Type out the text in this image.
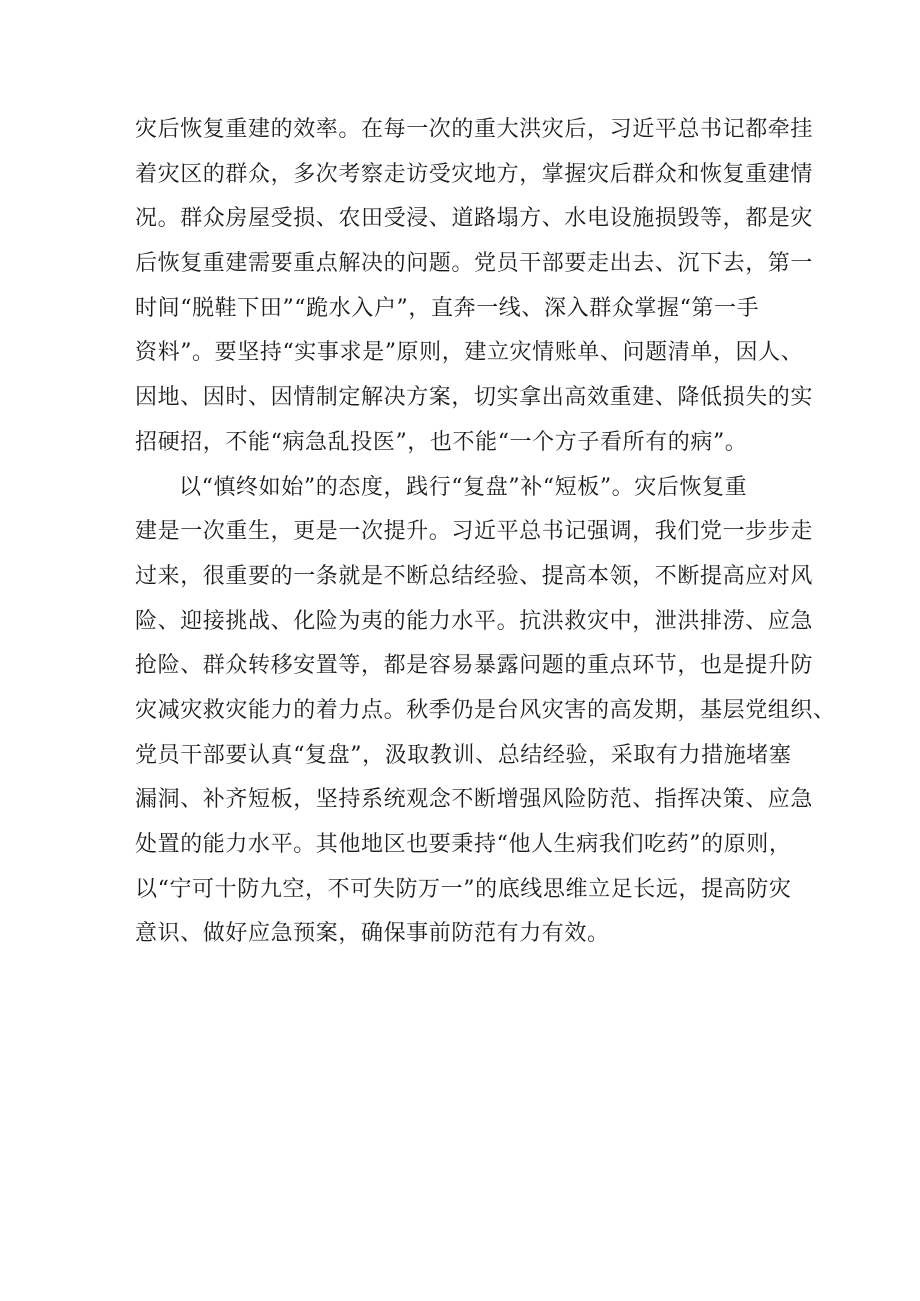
灾后恢复重建的效率。在每一次的重大洪灾后，习近平总书记都牵挂
着灾区的群众，多次考察走访受灾地方，掌握灾后群众和恢复重建情
况。群众房屋受损、农田受浸、道路塌方、水电设施损毁等，都是灾
后恢复重建需要重点解决的问题。党员干部要走出去、沉下去，第一
时间“脱鞋下田”“跪水入户”，直奔一线、深入群众掌握“第一手
资料”。要坚持“实事求是”原则，建立灾情账单、问题清单，因人、
因地、因时、因情制定解决方案，切实拿出高效重建、降低损失的实
招硬招，不能“病急乱投医”，也不能“一个方子看所有的病”。
以“慎终如始”的态度，践行“复盘”补“短板”。灾后恢复重
建是一次重生，更是一次提升。习近平总书记强调，我们党一步步走
过来，很重要的一条就是不断总结经验、提高本领，不断提高应对风
险、迎接挑战、化险为夷的能力水平。抗洪救灾中，泄洪排涝、应急
抢险、群众转移安置等，都是容易暴露问题的重点环节，也是提升防
灾减灾救灾能力的着力点。秋季仍是台风灾害的高发期，基层党组织、
党员干部要认真“复盘”，汲取教训、总结经验，采取有力措施堵塞
漏洞、补齐短板，坚持系统观念不断增强风险防范、指挥决策、应急
处置的能力水平。其他地区也要秉持“他人生病我们吃药”的原则，
以“宁可十防九空，不可失防万一”的底线思维立足长远，提高防灾
意识、做好应急预案，确保事前防范有力有效。
